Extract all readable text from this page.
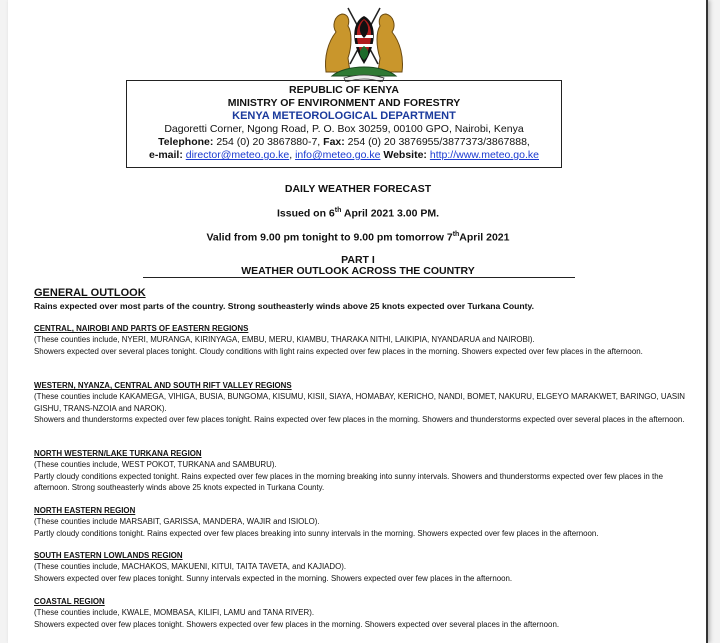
REPUBLIC OF KENYA
MINISTRY OF ENVIRONMENT AND FORESTRY
KENYA METEOROLOGICAL DEPARTMENT
Dagoretti Corner, Ngong Road, P. O. Box 30259, 00100 GPO, Nairobi, Kenya
Telephone: 254 (0) 20 3867880-7, Fax: 254 (0) 20 3876955/3877373/3867888,
e-mail: director@meteo.go.ke, info@meteo.go.ke Website: http://www.meteo.go.ke
DAILY WEATHER FORECAST
Issued on 6th April 2021 3.00 PM.
Valid from 9.00 pm tonight to 9.00 pm tomorrow 7thApril 2021
PART I
WEATHER OUTLOOK ACROSS THE COUNTRY
GENERAL OUTLOOK
Rains expected over most parts of the country. Strong southeasterly winds above 25 knots expected over Turkana County.
CENTRAL, NAIROBI AND PARTS OF EASTERN REGIONS
(These counties include, NYERI, MURANGA, KIRINYAGA, EMBU, MERU, KIAMBU, THARAKA NITHI, LAIKIPIA, NYANDARUA and NAIROBI).
Showers expected over several places tonight. Cloudy conditions with light rains expected over few places in the morning. Showers expected over few places in the afternoon.
WESTERN, NYANZA, CENTRAL AND SOUTH RIFT VALLEY REGIONS
(These counties include KAKAMEGA, VIHIGA, BUSIA, BUNGOMA, KISUMU, KISII, SIAYA, HOMABAY, KERICHO, NANDI, BOMET, NAKURU, ELGEYO MARAKWET, BARINGO, UASIN GISHU, TRANS-NZOIA and NAROK).
Showers and thunderstorms expected over few places tonight. Rains expected over few places in the morning. Showers and thunderstorms expected over several places in the afternoon.
NORTH WESTERN/LAKE TURKANA REGION
(These counties include, WEST POKOT, TURKANA and SAMBURU).
Partly cloudy conditions expected tonight. Rains expected over few places in the morning breaking into sunny intervals. Showers and thunderstorms expected over few places in the afternoon. Strong southeasterly winds above 25 knots expected in Turkana County.
NORTH EASTERN REGION
(These counties include MARSABIT, GARISSA, MANDERA, WAJIR and ISIOLO).
Partly cloudy conditions tonight. Rains expected over few places breaking into sunny intervals in the morning. Showers expected over few places in the afternoon.
SOUTH EASTERN LOWLANDS REGION
(These counties include, MACHAKOS, MAKUENI, KITUI, TAITA TAVETA, and KAJIADO).
Showers expected over few places tonight. Sunny intervals expected in the morning. Showers expected over few places in the afternoon.
COASTAL REGION
(These counties include, KWALE, MOMBASA, KILIFI, LAMU and TANA RIVER).
Showers expected over few places tonight. Showers expected over few places in the morning. Showers expected over several places in the afternoon.
